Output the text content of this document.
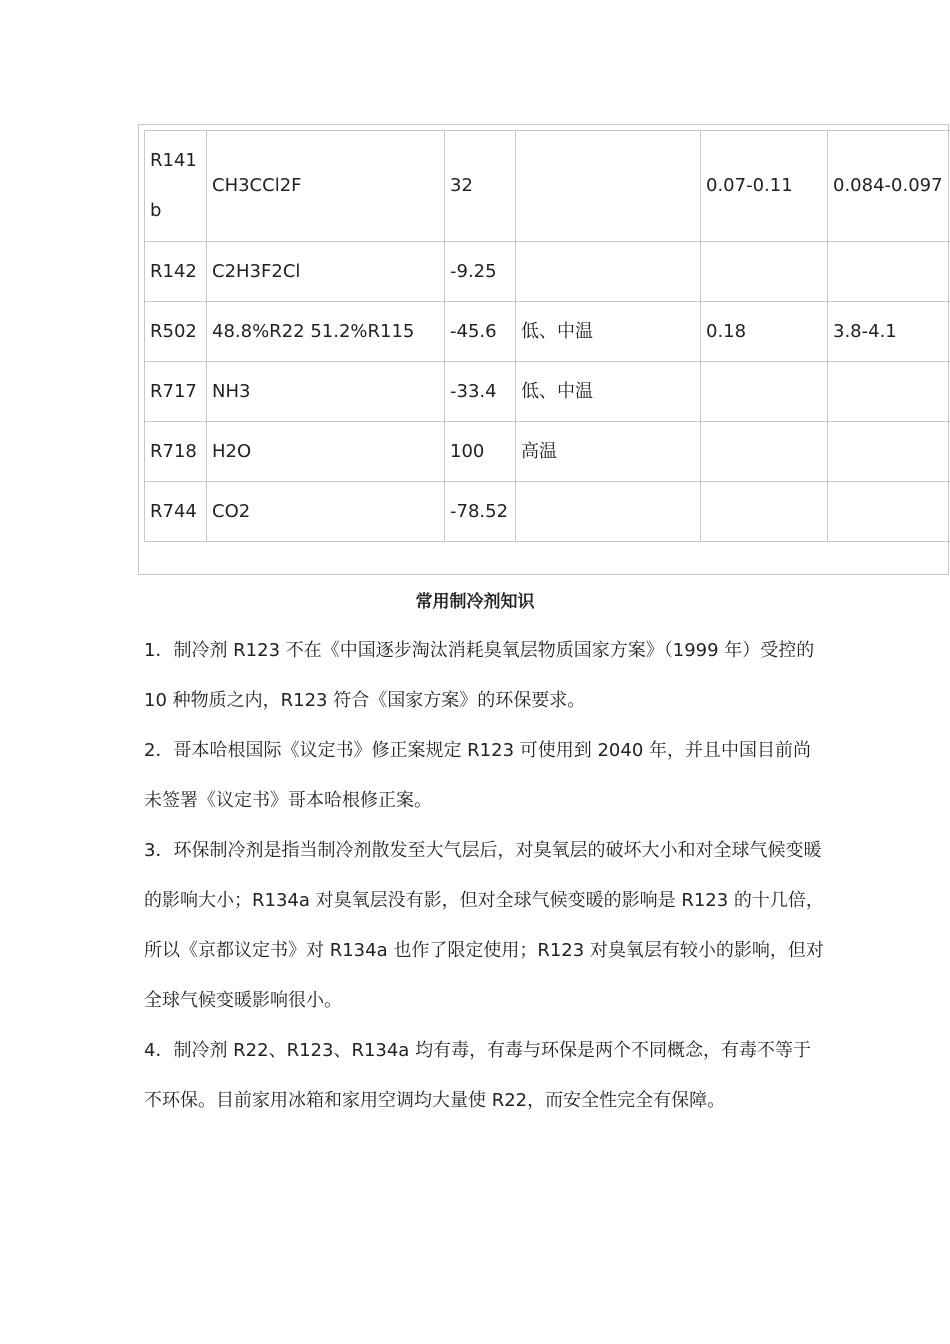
R141b	CH3CCl2F	32		0.07-0.11	0.084-0.097
R142	C2H3F2Cl	-9.25			
R502	48.8%R22 51.2%R115	-45.6	低、中温	0.18	3.8-4.1
R717	NH3	-33.4	低、中温		
R718	H2O	100	高温		
R744	CO2	-78.52			
常用制冷剂知识

1．制冷剂 R123 不在《中国逐步淘汰消耗臭氧层物质国家方案》（1999 年）受控的 10 种物质之内，R123 符合《国家方案》的环保要求。

2．哥本哈根国际《议定书》修正案规定 R123 可使用到 2040 年，并且中国目前尚未签署《议定书》哥本哈根修正案。

3．环保制冷剂是指当制冷剂散发至大气层后，对臭氧层的破坏大小和对全球气候变暖的影响大小；R134a 对臭氧层没有影，但对全球气候变暖的影响是 R123 的十几倍，所以《京都议定书》对 R134a 也作了限定使用；R123 对臭氧层有较小的影响，但对全球气候变暖影响很小。

4．制冷剂 R22、R123、R134a 均有毒，有毒与环保是两个不同概念，有毒不等于不环保。目前家用冰箱和家用空调均大量使 R22，而安全性完全有保障。
